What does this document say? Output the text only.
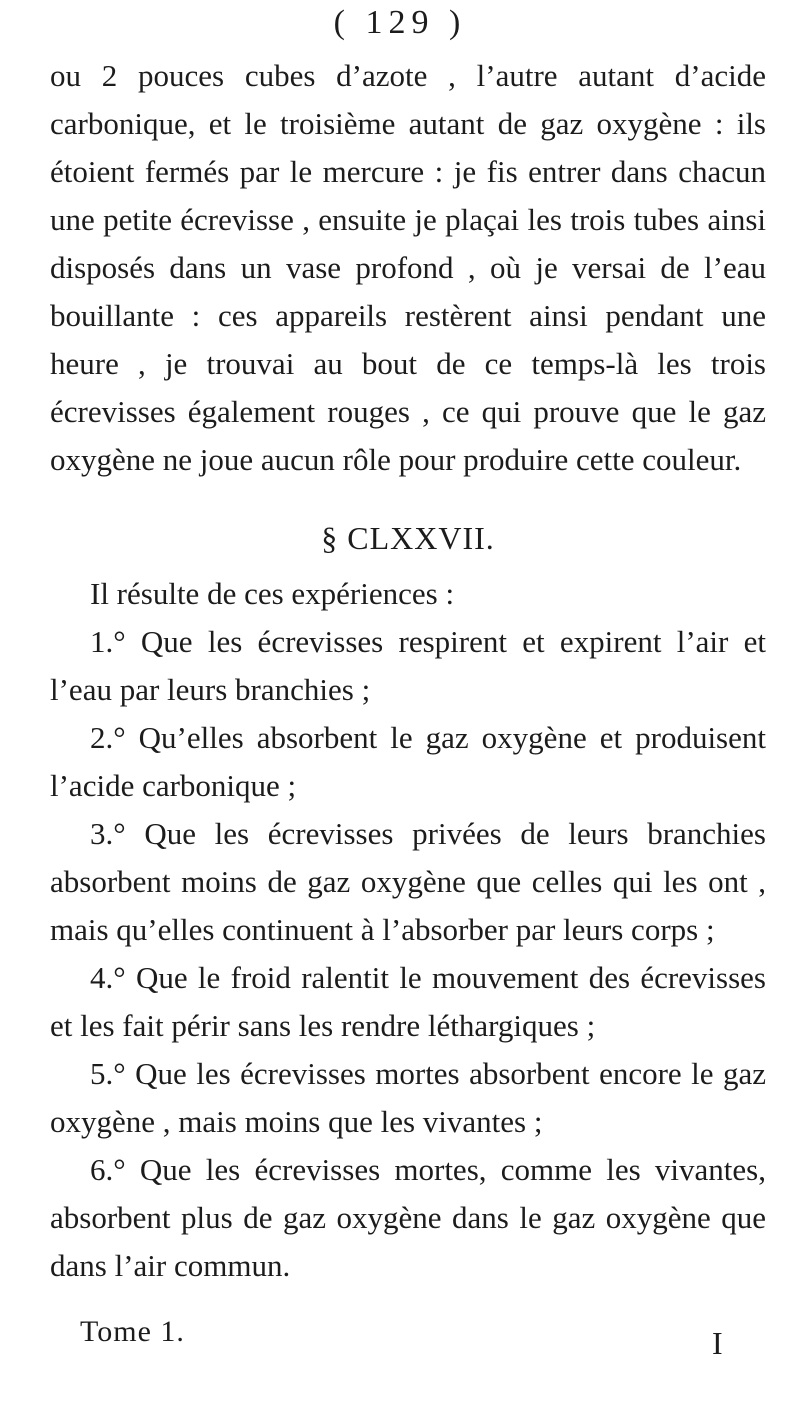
( 129 )

ou 2 pouces cubes d’azote , l’autre autant d’acide carbonique, et le troisième autant de gaz oxygène : ils étoient fermés par le mercure : je fis entrer dans chacun une petite écrevisse , ensuite je plaçai les trois tubes ainsi disposés dans un vase profond , où je versai de l’eau bouillante : ces appareils restèrent ainsi pendant une heure , je trouvai au bout de ce temps-là les trois écrevisses également rouges , ce qui prouve que le gaz oxygène ne joue aucun rôle pour produire cette couleur.

§ CLXXVII.

Il résulte de ces expériences :

1.° Que les écrevisses respirent et expirent l’air et l’eau par leurs branchies ;

2.° Qu’elles absorbent le gaz oxygène et produisent l’acide carbonique ;

3.° Que les écrevisses privées de leurs branchies absorbent moins de gaz oxygène que celles qui les ont , mais qu’elles continuent à l’absorber par leurs corps ;

4.° Que le froid ralentit le mouvement des écrevisses et les fait périr sans les rendre léthargiques ;

5.° Que les écrevisses mortes absorbent encore le gaz oxygène , mais moins que les vivantes ;

6.° Que les écrevisses mortes, comme les vivantes, absorbent plus de gaz oxygène dans le gaz oxygène que dans l’air commun.

Tome 1.	I
